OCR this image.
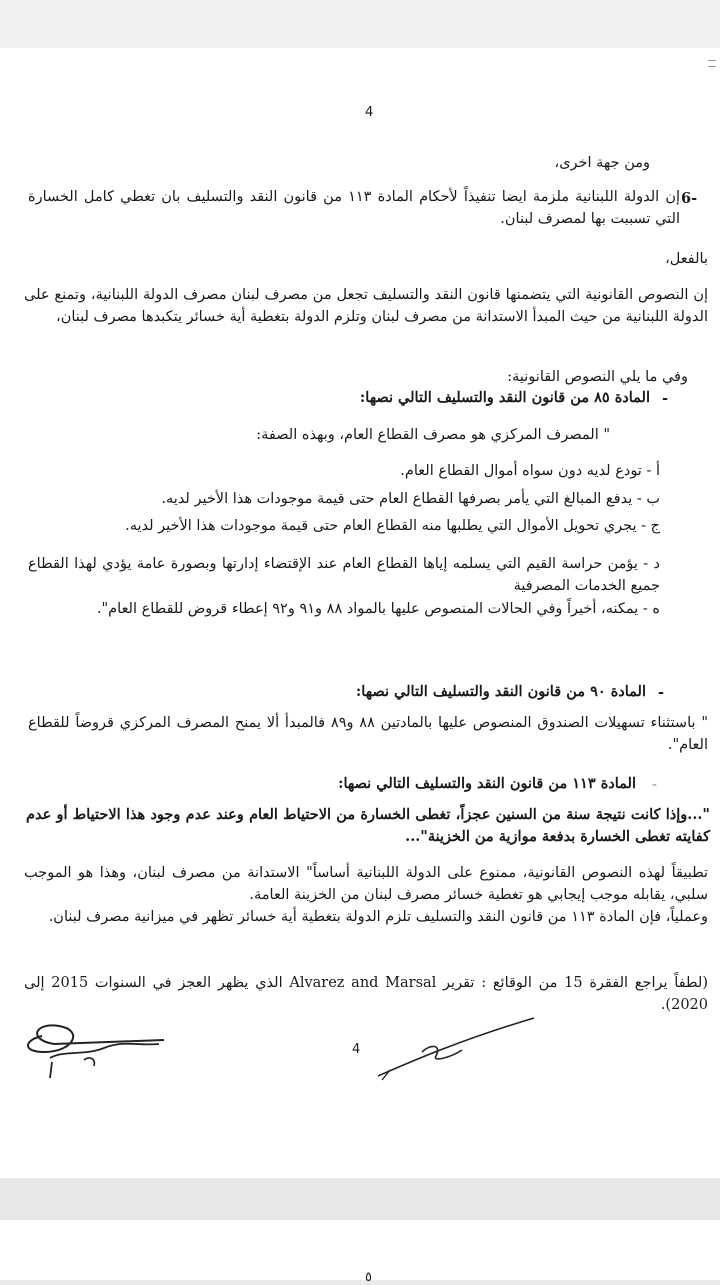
4

ومن جهة اخرى،

6-

إن الدولة اللبنانية ملزمة ايضا تنفيذاً لأحكام المادة ١١٣ من قانون النقد والتسليف بان تغطي كامل الخسارة التي تسببت بها لمصرف لبنان.

بالفعل،

إن النصوص القانونية التي يتضمنها قانون النقد والتسليف تجعل من مصرف لبنان مصرف الدولة اللبنانية، وتمنع على الدولة اللبنانية من حيث المبدأ الاستدانة من مصرف لبنان وتلزم الدولة بتغطية أية خسائر يتكبدها مصرف لبنان،

وفي ما يلي النصوص القانونية:

-

المادة ٨٥ من قانون النقد والتسليف التالي نصها:

" المصرف المركزي هو مصرف القطاع العام، وبهذه الصفة:

أ - تودع لديه دون سواه أموال القطاع العام.

ب - يدفع المبالغ التي يأمر بصرفها القطاع العام حتى قيمة موجودات هذا الأخير لديه.

ج - يجري تحويل الأموال التي يطلبها منه القطاع العام حتى قيمة موجودات هذا الأخير لديه.

د - يؤمن حراسة القيم التي يسلمه إياها القطاع العام عند الإقتضاء إدارتها وبصورة عامة يؤدي لهذا القطاع جميع الخدمات المصرفية

ه - يمكنه، أخيراً وفي الحالات المنصوص عليها بالمواد ٨٨ و٩١ و٩٢ إعطاء قروض للقطاع العام".

-

المادة ٩٠ من قانون النقد والتسليف التالي نصها:

" باستثناء تسهيلات الصندوق المنصوص عليها بالمادتين ٨٨ و٨٩ فالمبدأ ألا يمنح المصرف المركزي قروضاً للقطاع العام".

-

المادة ١١٣ من قانون النقد والتسليف التالي نصها:

"...وإذا كانت نتيجة سنة من السنين عجزاً، تغطى الخسارة من الاحتياط العام وعند عدم وجود هذا الاحتياط أو عدم كفايته تغطى الخسارة بدفعة موازية من الخزينة"...

تطبيقاً لهذه النصوص القانونية، ممنوع على الدولة اللبنانية أساساً" الاستدانة من مصرف لبنان، وهذا هو الموجب سلبي، يقابله موجب إيجابي هو تغطية خسائر مصرف لبنان من الخزينة العامة.

وعملياً، فإن المادة ١١٣ من قانون النقد والتسليف تلزم الدولة بتغطية أية خسائر تظهر في ميزانية مصرف لبنان.

(لطفاً يراجع الفقرة 15 من الوقائع : تقرير Alvarez and Marsal الذي يظهر العجز في السنوات 2015 إلى 2020).

4
٥
